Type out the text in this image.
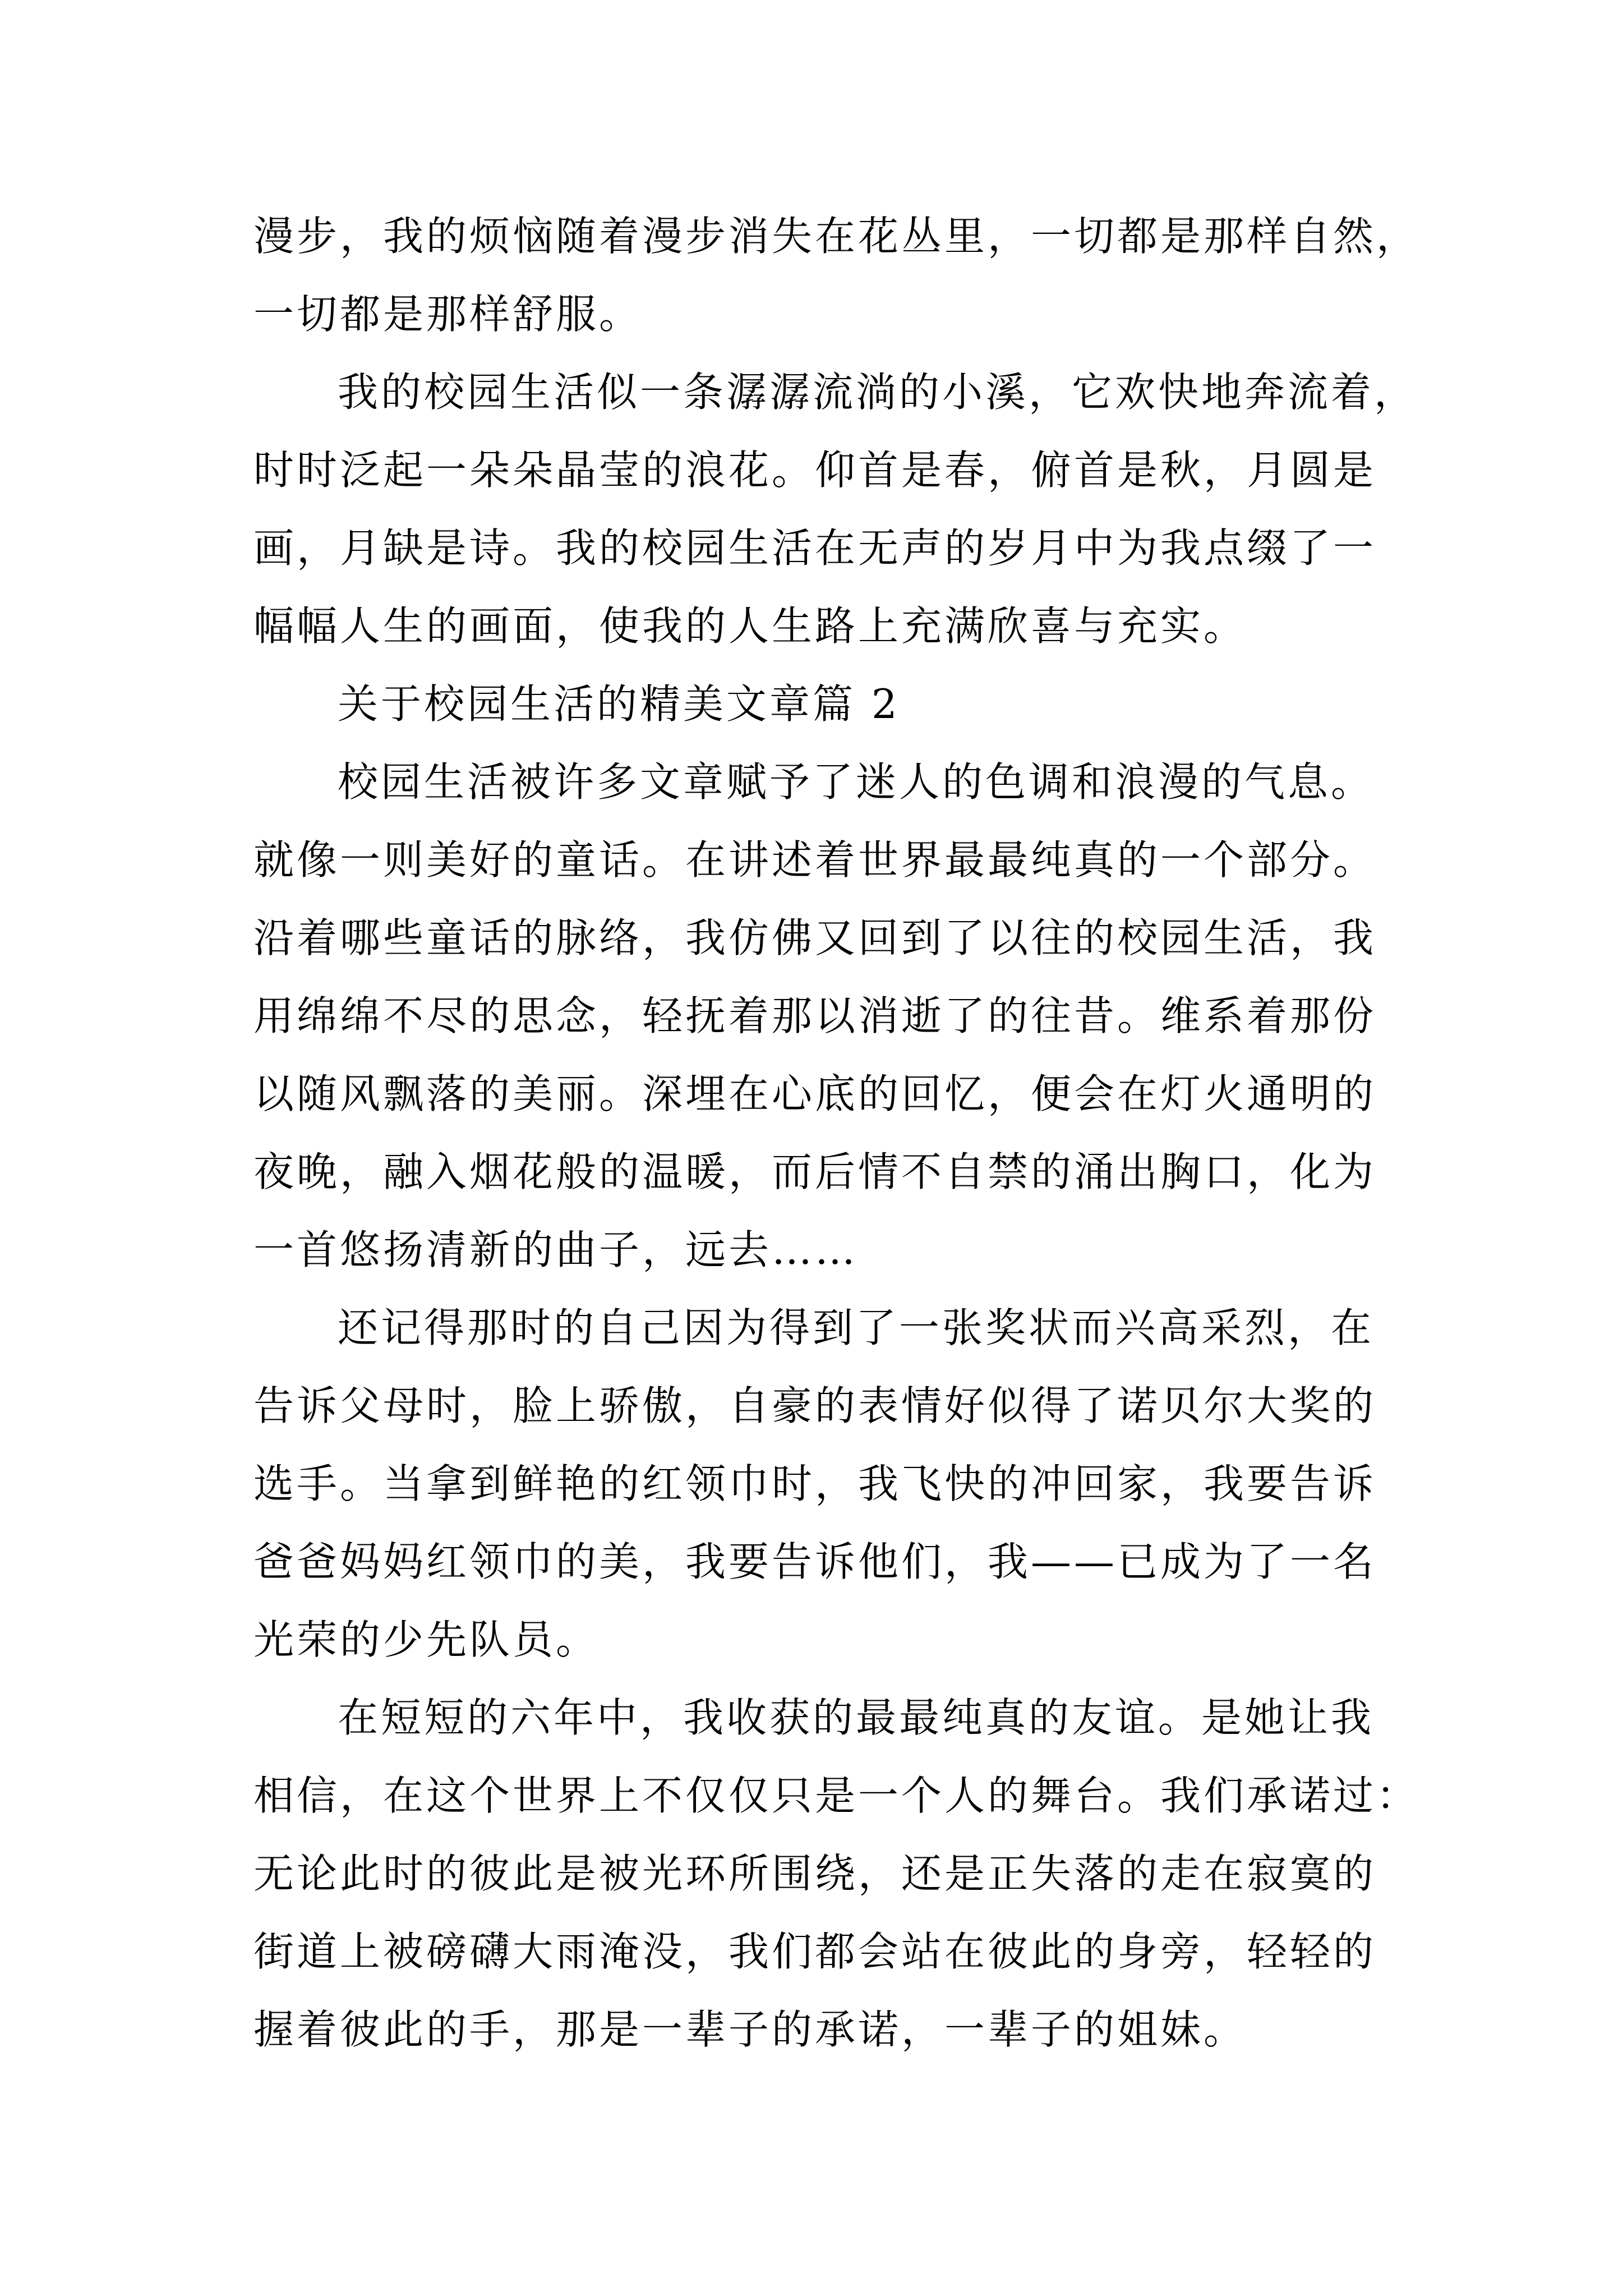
漫步，我的烦恼随着漫步消失在花丛里，一切都是那样自然，
一切都是那样舒服。
我的校园生活似一条潺潺流淌的小溪，它欢快地奔流着，
时时泛起一朵朵晶莹的浪花。仰首是春，俯首是秋，月圆是
画，月缺是诗。我的校园生活在无声的岁月中为我点缀了一
幅幅人生的画面，使我的人生路上充满欣喜与充实。
关于校园生活的精美文章篇 2
校园生活被许多文章赋予了迷人的色调和浪漫的气息。
就像一则美好的童话。在讲述着世界最最纯真的一个部分。
沿着哪些童话的脉络，我仿佛又回到了以往的校园生活，我
用绵绵不尽的思念，轻抚着那以消逝了的往昔。维系着那份
以随风飘落的美丽。深埋在心底的回忆，便会在灯火通明的
夜晚，融入烟花般的温暖，而后情不自禁的涌出胸口，化为
一首悠扬清新的曲子，远去……
还记得那时的自己因为得到了一张奖状而兴高采烈，在
告诉父母时，脸上骄傲，自豪的表情好似得了诺贝尔大奖的
选手。当拿到鲜艳的红领巾时，我飞快的冲回家，我要告诉
爸爸妈妈红领巾的美，我要告诉他们，我——已成为了一名
光荣的少先队员。
在短短的六年中，我收获的最最纯真的友谊。是她让我
相信，在这个世界上不仅仅只是一个人的舞台。我们承诺过：
无论此时的彼此是被光环所围绕，还是正失落的走在寂寞的
街道上被磅礴大雨淹没，我们都会站在彼此的身旁，轻轻的
握着彼此的手，那是一辈子的承诺，一辈子的姐妹。
